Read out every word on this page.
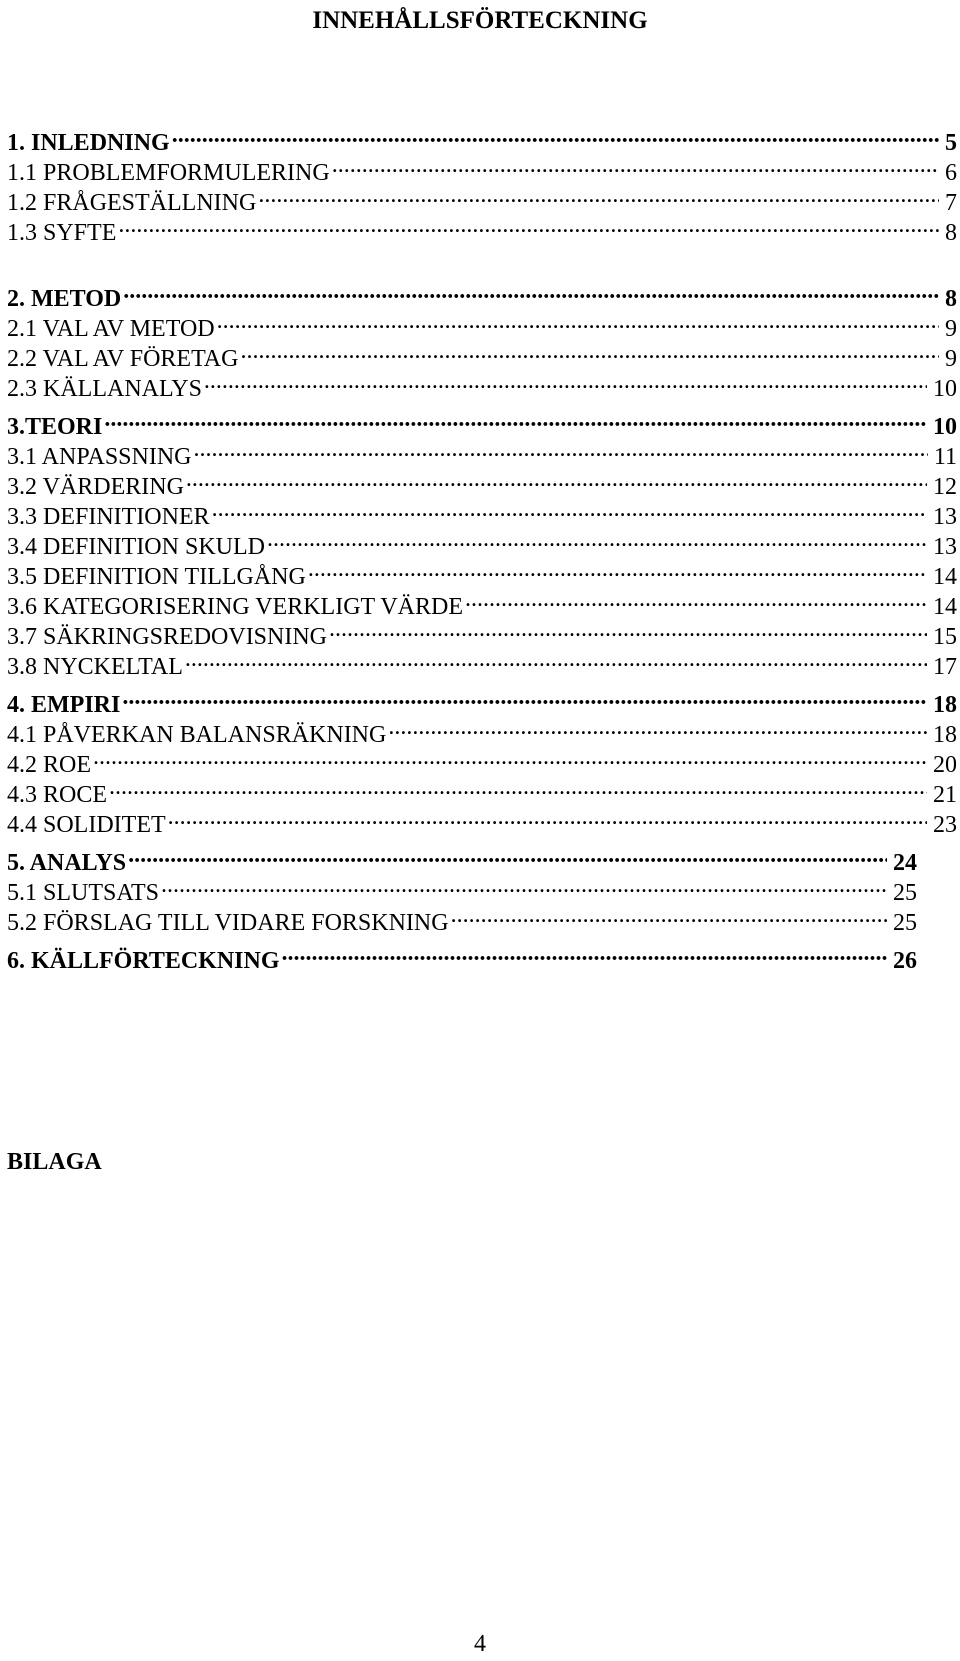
INNEHÅLLSFÖRTECKNING
1. INLEDNING .....	5
1.1 PROBLEMFORMULERING .....	6
1.2 FRÅGESTÄLLNING .....	7
1.3 SYFTE .....	8
2. METOD .....	8
2.1 VAL AV METOD .....	9
2.2 VAL AV FÖRETAG .....	9
2.3 KÄLLANALYS .....	10
3.TEORI .....	10
3.1 ANPASSNING .....	11
3.2 VÄRDERING .....	12
3.3 DEFINITIONER .....	13
3.4 DEFINITION SKULD .....	13
3.5 DEFINITION TILLGÅNG .....	14
3.6 KATEGORISERING VERKLIGT VÄRDE .....	14
3.7 SÄKRINGSREDOVISNING .....	15
3.8 NYCKELTAL .....	17
4. EMPIRI .....	18
4.1 PÅVERKAN BALANSRÄKNING .....	18
4.2 ROE .....	20
4.3 ROCE .....	21
4.4 SOLIDITET .....	23
5. ANALYS .....	24
5.1 SLUTSATS .....	25
5.2 FÖRSLAG TILL VIDARE FORSKNING .....	25
6. KÄLLFÖRTECKNING .....	26
BILAGA
4
